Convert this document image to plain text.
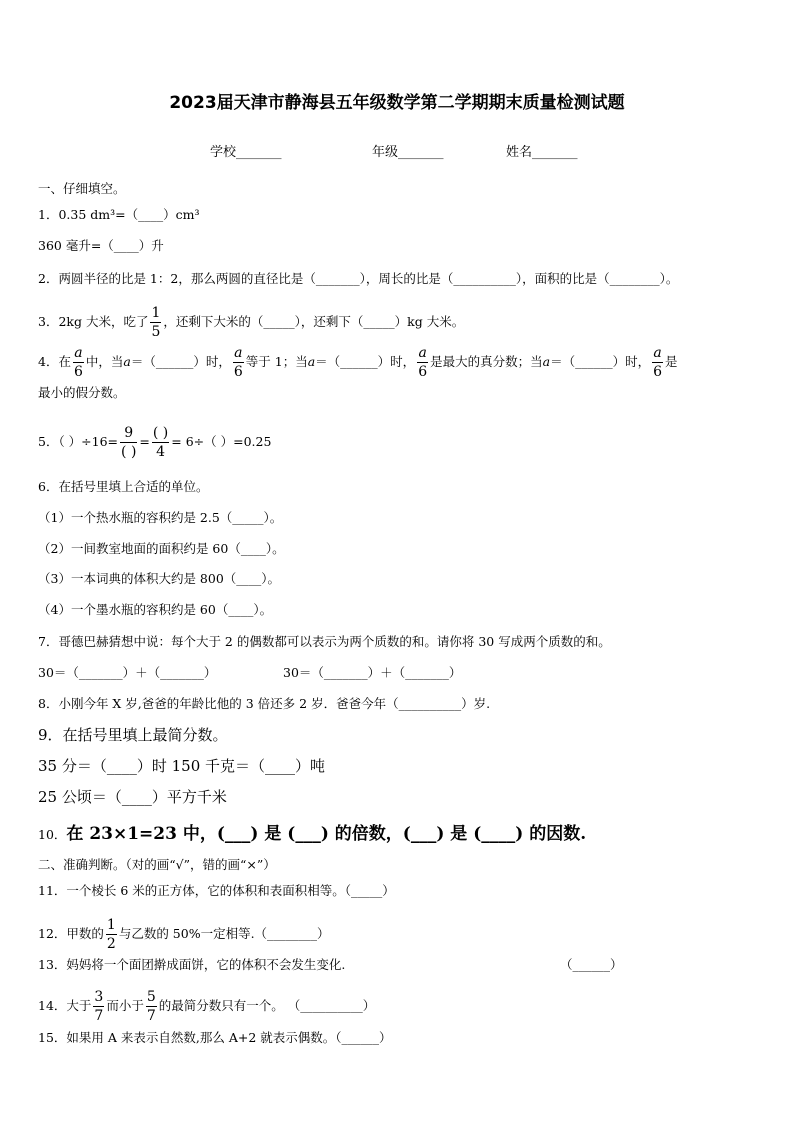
2023届天津市静海县五年级数学第二学期期末质量检测试题
学校_______	年级_______	姓名_______
一、仔细填空。
1．0.35 dm³=（____）cm³
360 毫升=（____）升
2．两圆半径的比是 1：2，那么两圆的直径比是（_______），周长的比是（__________），面积的比是（________）。
3．2kg 大米，吃了 $\frac{1}{5}$ ，还剩下大米的（_____），还剩下（_____）kg 大米。
4．在 $\frac{a}{6}$ 中，当a＝（______）时， $\frac{a}{6}$ 等于 1；当a＝（______）时， $\frac{a}{6}$ 是最大的真分数；当a＝（______）时， $\frac{a}{6}$ 是
最小的假分数。
5．（ ）$\div 16= \frac{9}{( )} = \frac{( )}{4} = 6\div$（ ）=0.25
6．在括号里填上合适的单位。
（1）一个热水瓶的容积约是 2.5（_____）。
（2）一间教室地面的面积约是 60（____）。
（3）一本词典的体积大约是 800（____）。
（4）一个墨水瓶的容积约是 60（____）。
7．哥德巴赫猜想中说：每个大于 2 的偶数都可以表示为两个质数的和。请你将 30 写成两个质数的和。
30＝（_______）＋（_______）	30＝（_______）＋（_______）
8．小刚今年 X 岁,爸爸的年龄比他的 3 倍还多 2 岁．爸爸今年（__________）岁.
9．在括号里填上最简分数。
35 分＝（____）时 150 千克＝（____）吨
25 公顷＝（____）平方千米
10．在 23×1=23 中，(___) 是 (___) 的倍数，(___) 是 (____) 的因数.
二、准确判断。（对的画“√”，错的画“×”）
11．一个棱长 6 米的正方体，它的体积和表面积相等。（_____）
12．甲数的 $\frac{1}{2}$ 与乙数的 50%一定相等.（________）
13．妈妈将一个面团擀成面饼，它的体积不会发生变化.	（______）
14．大于 $\frac{3}{7}$ 而小于 $\frac{5}{7}$ 的最简分数只有一个。 （__________）
15．如果用 A 来表示自然数,那么 A+2 就表示偶数。（______）
